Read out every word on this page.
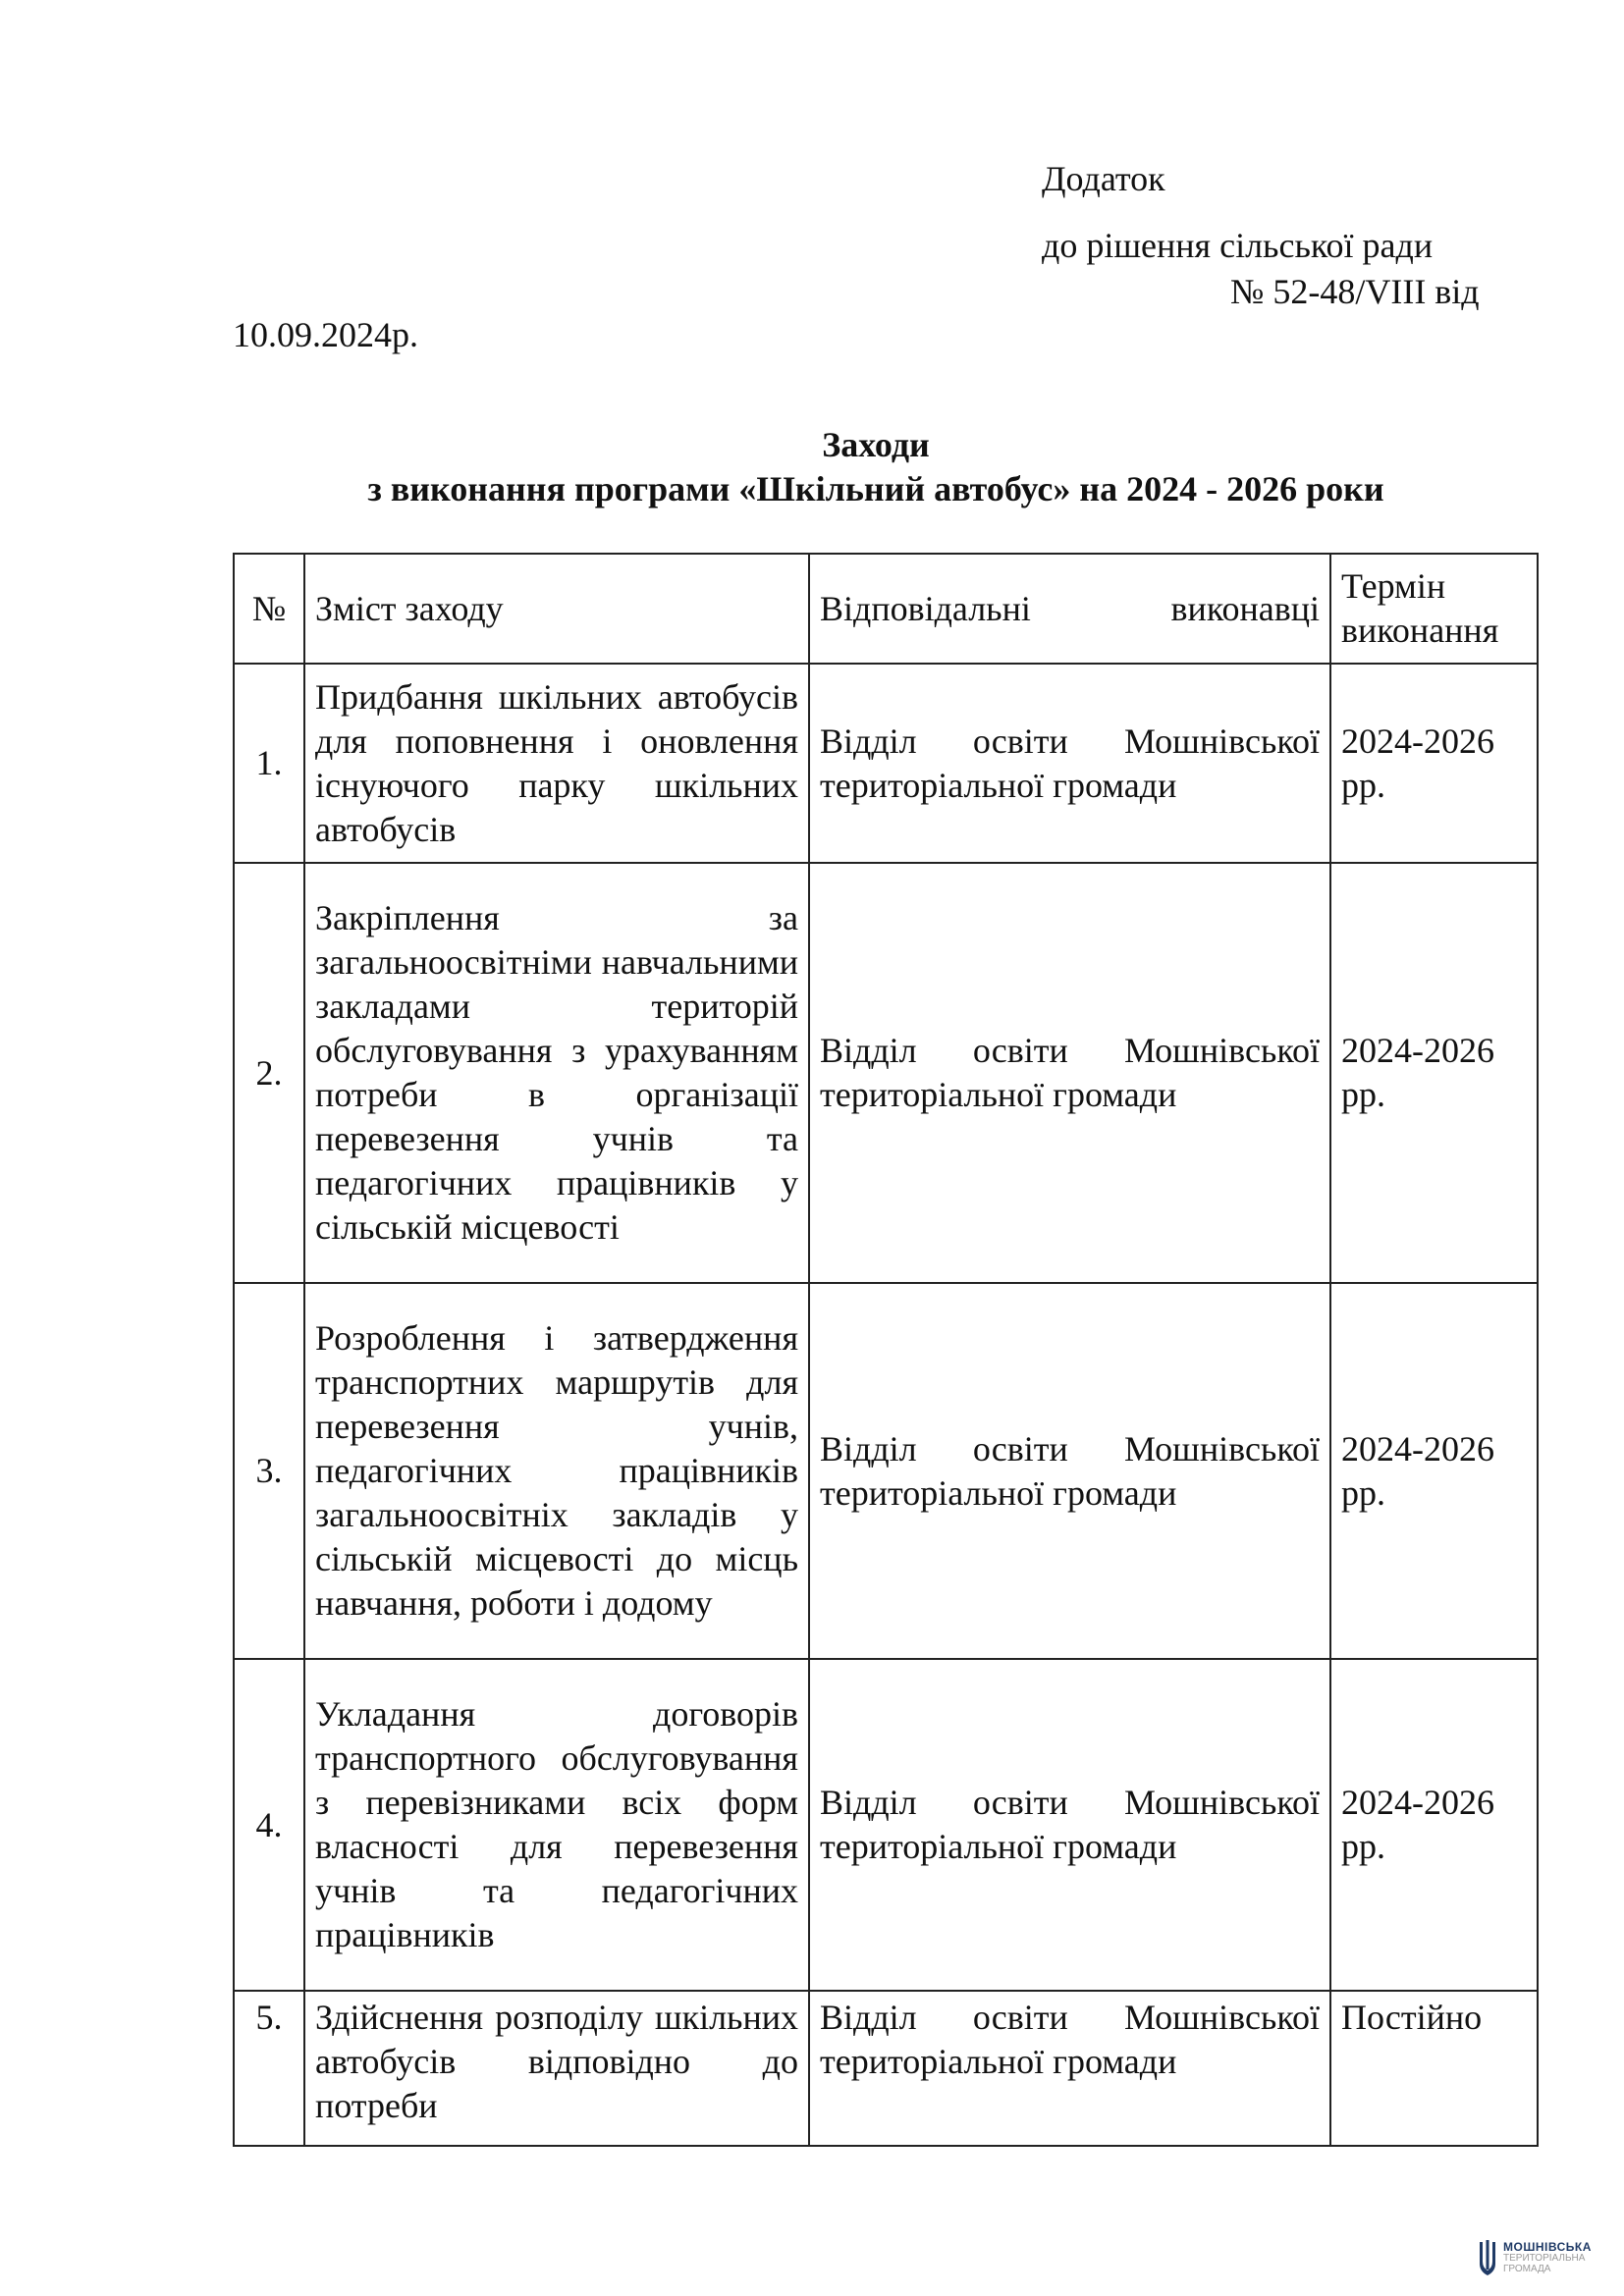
Додаток
до рішення сільської ради
№ 52-48/VIII від
10.09.2024р.
Заходи
з виконання програми «Шкільний автобус» на 2024 - 2026 роки
№	Зміст заходу	Відповідальні виконавці	Термін виконання
1.	Придбання шкільних автобусів для поповнення і оновлення існуючого парку шкільних автобусів	Відділ освіти Мошнівської територіальної громади	2024-2026 рр.
2.	Закріплення за загальноосвітніми навчальними закладами територій обслуговування з урахуванням потреби в організації перевезення учнів та педагогічних працівників у сільській місцевості	Відділ освіти Мошнівської територіальної громади	2024-2026 рр.
3.	Розроблення і затвердження транспортних маршрутів для перевезення учнів, педагогічних працівників загальноосвітніх закладів у сільській місцевості до місць навчання, роботи і додому	Відділ освіти Мошнівської територіальної громади	2024-2026 рр.
4.	Укладання договорів транспортного обслуговування з перевізниками всіх форм власності для перевезення учнів та педагогічних працівників	Відділ освіти Мошнівської територіальної громади	2024-2026 рр.
5.	Здійснення розподілу шкільних автобусів відповідно до потреби	Відділ освіти Мошнівської територіальної громади	Постійно
МОШНІВСЬКА
ТЕРИТОРІАЛЬНА
ГРОМАДА
